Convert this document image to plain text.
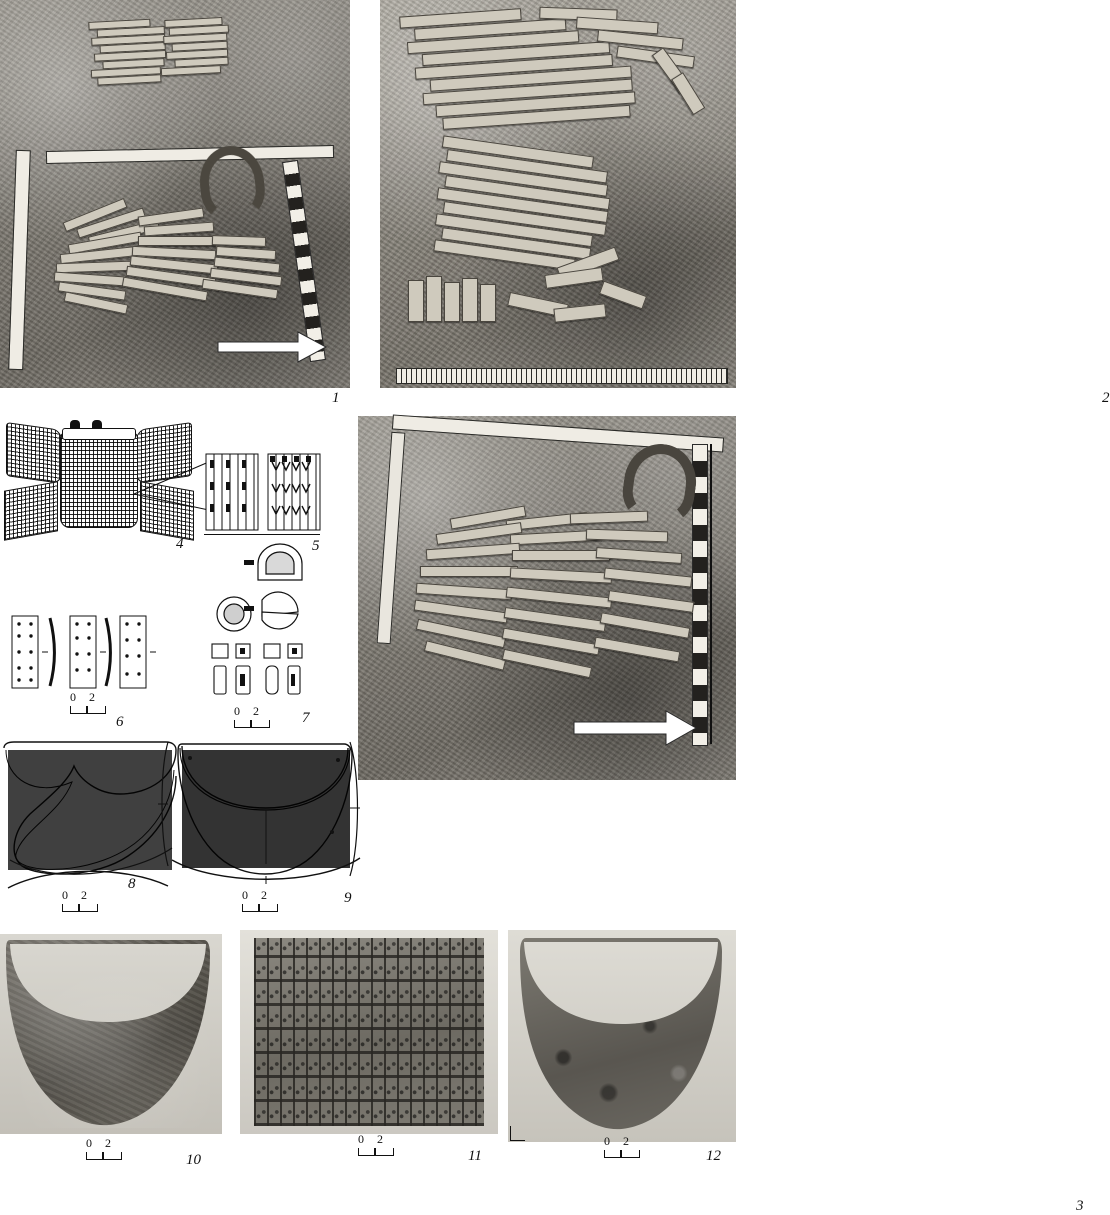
1	2
3
4	5
0 2
6
0 2	7
0 2
8
0 2	9
0 2
10
0 2
11
0 2
12
